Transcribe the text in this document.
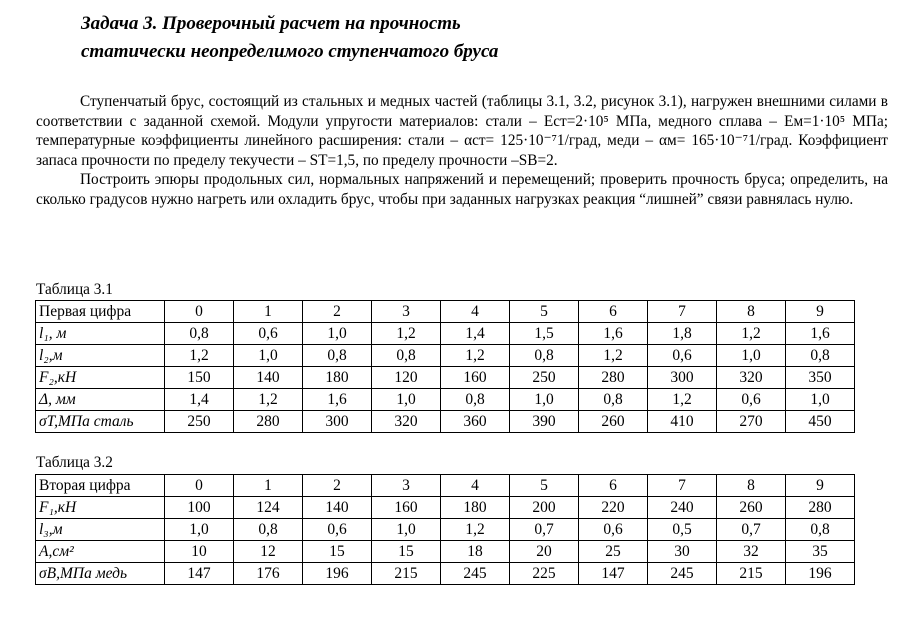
Задача 3. Проверочный расчет на прочность
статически неопределимого ступенчатого бруса

Ступенчатый брус, состоящий из стальных и медных частей (таблицы 3.1, 3.2, рисунок 3.1), нагружен внешними силами в соответствии с заданной схемой. Модули упругости материалов: стали – Eст=2·10⁵ МПа, медного сплава – Eм=1·10⁵ МПа; температурные коэффициенты линейного расширения: стали – αст= 125·10⁻⁷1/град, меди – αм= 165·10⁻⁷1/град. Коэффициент запаса прочности по пределу текучести – ST=1,5, по пределу прочности –SB=2.

Построить эпюры продольных сил, нормальных напряжений и перемещений; проверить прочность бруса; определить, на сколько градусов нужно нагреть или охладить брус, чтобы при заданных нагрузках реакция “лишней” связи равнялась нулю.

Таблица 3.1
Первая цифра	0	1	2	3	4	5	6	7	8	9
l₁, м	0,8	0,6	1,0	1,2	1,4	1,5	1,6	1,8	1,2	1,6
l₂,м	1,2	1,0	0,8	0,8	1,2	0,8	1,2	0,6	1,0	0,8
F₂,кН	150	140	180	120	160	250	280	300	320	350
Δ, мм	1,4	1,2	1,6	1,0	0,8	1,0	0,8	1,2	0,6	1,0
σT,МПа сталь	250	280	300	320	360	390	260	410	270	450
Таблица 3.2
Вторая цифра	0	1	2	3	4	5	6	7	8	9
F₁,кН	100	124	140	160	180	200	220	240	260	280
l₃,м	1,0	0,8	0,6	1,0	1,2	0,7	0,6	0,5	0,7	0,8
A,см²	10	12	15	15	18	20	25	30	32	35
σB,МПа медь	147	176	196	215	245	225	147	245	215	196
